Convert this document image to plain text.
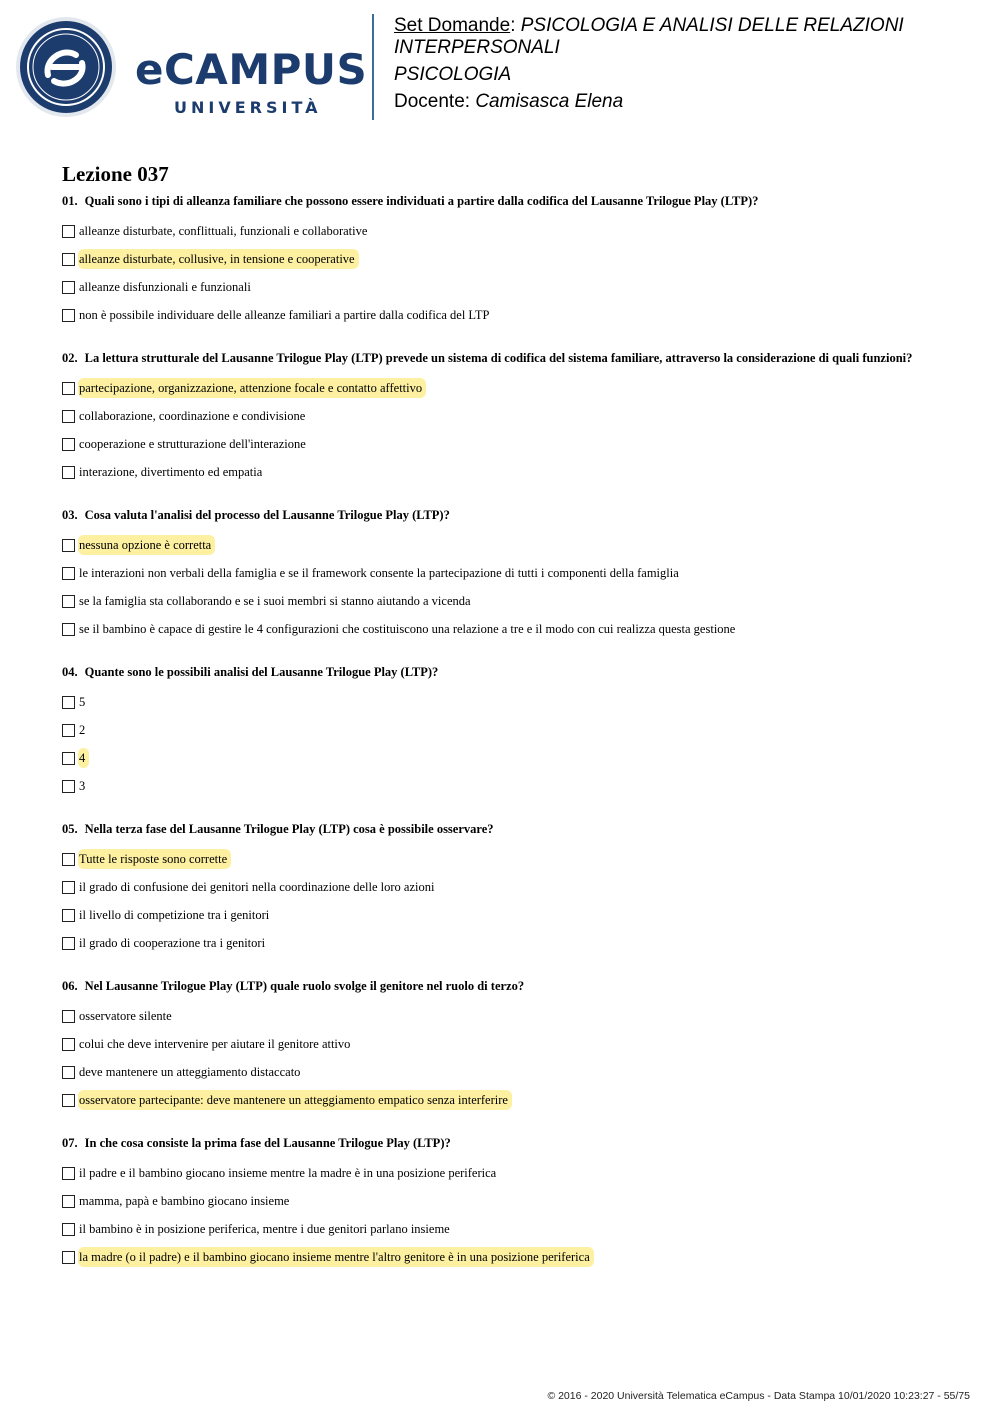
eCAMPUS
UNIVERSITÀ
Set Domande: PSICOLOGIA E ANALISI DELLE RELAZIONI INTERPERSONALI
PSICOLOGIA
Docente: Camisasca Elena
Lezione 037
01. Quali sono i tipi di alleanza familiare che possono essere individuati a partire dalla codifica del Lausanne Trilogue Play (LTP)?
alleanze disturbate, conflittuali, funzionali e collaborative
alleanze disturbate, collusive, in tensione e cooperative
alleanze disfunzionali e funzionali
non è possibile individuare delle alleanze familiari a partire dalla codifica del LTP
02. La lettura strutturale del Lausanne Trilogue Play (LTP) prevede un sistema di codifica del sistema familiare, attraverso la considerazione di quali funzioni?
partecipazione, organizzazione, attenzione focale e contatto affettivo
collaborazione, coordinazione e condivisione
cooperazione e strutturazione dell'interazione
interazione, divertimento ed empatia
03. Cosa valuta l'analisi del processo del Lausanne Trilogue Play (LTP)?
nessuna opzione è corretta
le interazioni non verbali della famiglia e se il framework consente la partecipazione di tutti i componenti della famiglia
se la famiglia sta collaborando e se i suoi membri si stanno aiutando a vicenda
se il bambino è capace di gestire le 4 configurazioni che costituiscono una relazione a tre e il modo con cui realizza questa gestione
04. Quante sono le possibili analisi del Lausanne Trilogue Play (LTP)?
5
2
4
3
05. Nella terza fase del Lausanne Trilogue Play (LTP) cosa è possibile osservare?
Tutte le risposte sono corrette
il grado di confusione dei genitori nella coordinazione delle loro azioni
il livello di competizione tra i genitori
il grado di cooperazione tra i genitori
06. Nel Lausanne Trilogue Play (LTP) quale ruolo svolge il genitore nel ruolo di terzo?
osservatore silente
colui che deve intervenire per aiutare il genitore attivo
deve mantenere un atteggiamento distaccato
osservatore partecipante: deve mantenere un atteggiamento empatico senza interferire
07. In che cosa consiste la prima fase del Lausanne Trilogue Play (LTP)?
il padre e il bambino giocano insieme mentre la madre è in una posizione periferica
mamma, papà e bambino giocano insieme
il bambino è in posizione periferica, mentre i due genitori parlano insieme
la madre (o il padre) e il bambino giocano insieme mentre l'altro genitore è in una posizione periferica
© 2016 - 2020 Università Telematica eCampus - Data Stampa 10/01/2020 10:23:27 - 55/75
